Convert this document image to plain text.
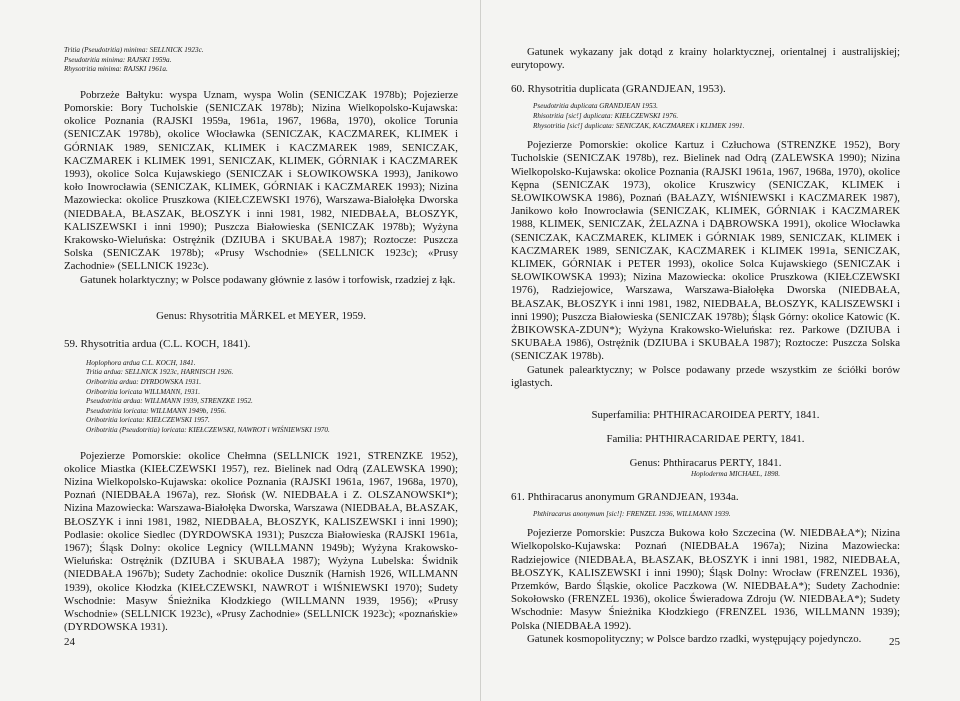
Tritia (Pseudotritia) minima: SELLNICK 1923c.

Pseudotritia minima: RAJSKI 1959a.

Rhysotritia minima: RAJSKI 1961a.

Pobrzeże Bałtyku: wyspa Uznam, wyspa Wolin (SENICZAK 1978b); Pojezierze Pomorskie: Bory Tucholskie (SENICZAK 1978b); Nizina Wielkopolsko-Kujawska: okolice Poznania (RAJSKI 1959a, 1961a, 1967, 1968a, 1970), okolice Torunia (SENICZAK 1978b), okolice Włocławka (SENICZAK, KACZMAREK, KLIMEK i GÓRNIAK 1989, SENICZAK, KLIMEK i KACZMAREK 1989, SENICZAK, KACZMAREK i KLIMEK 1991, SENICZAK, KLIMEK, GÓRNIAK i KACZMAREK 1993), okolice Solca Kujawskiego (SENICZAK i SŁOWIKOWSKA 1993), Janikowo koło Inowrocławia (SENICZAK, KLIMEK, GÓRNIAK i KACZMAREK 1993); Nizina Mazowiecka: okolice Pruszkowa (KIEŁCZEWSKI 1976), Warszawa-Białołęka Dworska (NIEDBAŁA, BŁASZAK, BŁOSZYK i inni 1981, 1982, NIEDBAŁA, BŁOSZYK, KALISZEWSKI i inni 1990); Puszcza Białowieska (SENICZAK 1978b); Wyżyna Krakowsko-Wieluńska: Ostrężnik (DZIUBA i SKUBAŁA 1987); Roztocze: Puszcza Solska (SENICZAK 1978b); «Prusy Wschodnie» (SELLNICK 1923c); «Prusy Zachodnie» (SELLNICK 1923c).

Gatunek holarktyczny; w Polsce podawany głównie z lasów i torfowisk, rzadziej z łąk.

Genus: Rhysotritia MÄRKEL et MEYER, 1959.

59. Rhysotritia ardua (C.L. KOCH, 1841).

Hoplophora ardua C.L. KOCH, 1841.

Tritia ardua: SELLNICK 1923c, HARNISCH 1926.

Oribotritia ardua: DYRDOWSKA 1931.

Oribotritia loricata WILLMANN, 1931.

Pseudotritia ardua: WILLMANN 1939, STRENZKE 1952.

Pseudotritia loricata: WILLMANN 1949b, 1956.

Oribotritia loricata: KIEŁCZEWSKI 1957.

Oribotritia (Pseudotritia) loricata: KIEŁCZEWSKI, NAWROT i WIŚNIEWSKI 1970.

Pojezierze Pomorskie: okolice Chełmna (SELLNICK 1921, STRENZKE 1952), okolice Miastka (KIEŁCZEWSKI 1957), rez. Bielinek nad Odrą (ZALEWSKA 1990); Nizina Wielkopolsko-Kujawska: okolice Poznania (RAJSKI 1961a, 1967, 1968a, 1970), Poznań (NIEDBAŁA 1967a), rez. Słońsk (W. NIEDBAŁA i Z. OLSZANOWSKI*); Nizina Mazowiecka: Warszawa-Białołęka Dworska, Warszawa (NIEDBAŁA, BŁASZAK, BŁOSZYK i inni 1981, 1982, NIEDBAŁA, BŁOSZYK, KALISZEWSKI i inni 1990); Podlasie: okolice Siedlec (DYRDOWSKA 1931); Puszcza Białowieska (RAJSKI 1961a, 1967); Śląsk Dolny: okolice Legnicy (WILLMANN 1949b); Wyżyna Krakowsko-Wieluńska: Ostrężnik (DZIUBA i SKUBAŁA 1987); Wyżyna Lubelska: Świdnik (NIEDBAŁA 1967b); Sudety Zachodnie: okolice Duszník (Harnish 1926, WILLMANN 1939), okolice Kłodzka (KIEŁCZEWSKI, NAWROT i WIŚNIEWSKI 1970); Sudety Wschodnie: Masyw Śnieżnika Kłodzkiego (WILLMANN 1939, 1956); «Prusy Wschodnie» (SELLNICK 1923c), «Prusy Zachodnie» (SELLNICK 1923c); «poznańskie» (DYRDOWSKA 1931).

24

Gatunek wykazany jak dotąd z krainy holarktycznej, orientalnej i australijskiej; eurytopowy.

60. Rhysotritia duplicata (GRANDJEAN, 1953).

Pseudotritia duplicata GRANDJEAN 1953.

Rhisotritia [sic!] duplicata: KIEŁCZEWSKI 1976.

Rhysotritia [sic!] duplicata: SENICZAK, KACZMAREK i KLIMEK 1991.

Pojezierze Pomorskie: okolice Kartuz i Człuchowa (STRENZKE 1952), Bory Tucholskie (SENICZAK 1978b), rez. Bielinek nad Odrą (ZALEWSKA 1990); Nizina Wielkopolsko-Kujawska: okolice Poznania (RAJSKI 1961a, 1967, 1968a, 1970), okolice Kępna (SENICZAK 1973), okolice Kruszwicy (SENICZAK, KLIMEK i SŁOWIKOWSKA 1986), Poznań (BAŁAZY, WIŚNIEWSKI i KACZMAREK 1987), Janikowo koło Inowrocławia (SENICZAK, KLIMEK, GÓRNIAK i KACZMAREK 1988, KLIMEK, SENICZAK, ŻELAZNA i DĄBROWSKA 1991), okolice Włocławka (SENICZAK, KACZMAREK, KLIMEK i GÓRNIAK 1989, SENICZAK, KLIMEK i KACZMAREK 1989, SENICZAK, KACZMAREK i KLIMEK 1991a, SENICZAK, KLIMEK, GÓRNIAK i PETER 1993), okolice Solca Kujawskiego (SENICZAK i SŁOWIKOWSKA 1993); Nizina Mazowiecka: okolice Pruszkowa (KIEŁCZEWSKI 1976), Radziejowice, Warszawa, Warszawa-Białołęka Dworska (NIEDBAŁA, BŁASZAK, BŁOSZYK i inni 1981, 1982, NIEDBAŁA, BŁOSZYK, KALISZEWSKI i inni 1990); Puszcza Białowieska (SENICZAK 1978b); Śląsk Górny: okolice Katowic (K. ŻBIKOWSKA-ZDUN*); Wyżyna Krakowsko-Wieluńska: rez. Parkowe (DZIUBA i SKUBAŁA 1986), Ostrężnik (DZIUBA i SKUBAŁA 1987); Roztocze: Puszcza Solska (SENICZAK 1978b).

Gatunek palearktyczny; w Polsce podawany przede wszystkim ze ściółki borów iglastych.

Superfamilia: PHTHIRACAROIDEA PERTY, 1841.

Familia: PHTHIRACARIDAE PERTY, 1841.

Genus: Phthiracarus PERTY, 1841.

Hoploderma MICHAEL, 1898.

61. Phthiracarus anonymum GRANDJEAN, 1934a.

Phthiracarus anonymum [sic!]: FRENZEL 1936, WILLMANN 1939.

Pojezierze Pomorskie: Puszcza Bukowa koło Szczecina (W. NIEDBAŁA*); Nizina Wielkopolsko-Kujawska: Poznań (NIEDBAŁA 1967a); Nizina Mazowiecka: Radziejowice (NIEDBAŁA, BŁASZAK, BŁOSZYK i inni 1981, 1982, NIEDBAŁA, BŁOSZYK, KALISZEWSKI i inni 1990); Śląsk Dolny: Wrocław (FRENZEL 1936), Przemków, Bardo Śląskie, okolice Paczkowa (W. NIEDBAŁA*); Sudety Zachodnie: Sokołowsko (FRENZEL 1936), okolice Świeradowa Zdroju (W. NIEDBAŁA*); Sudety Wschodnie: Masyw Śnieżnika Kłodzkiego (FRENZEL 1936, WILLMANN 1939); Polska (NIEDBAŁA 1992).

Gatunek kosmopolityczny; w Polsce bardzo rzadki, występujący pojedynczo.	25
